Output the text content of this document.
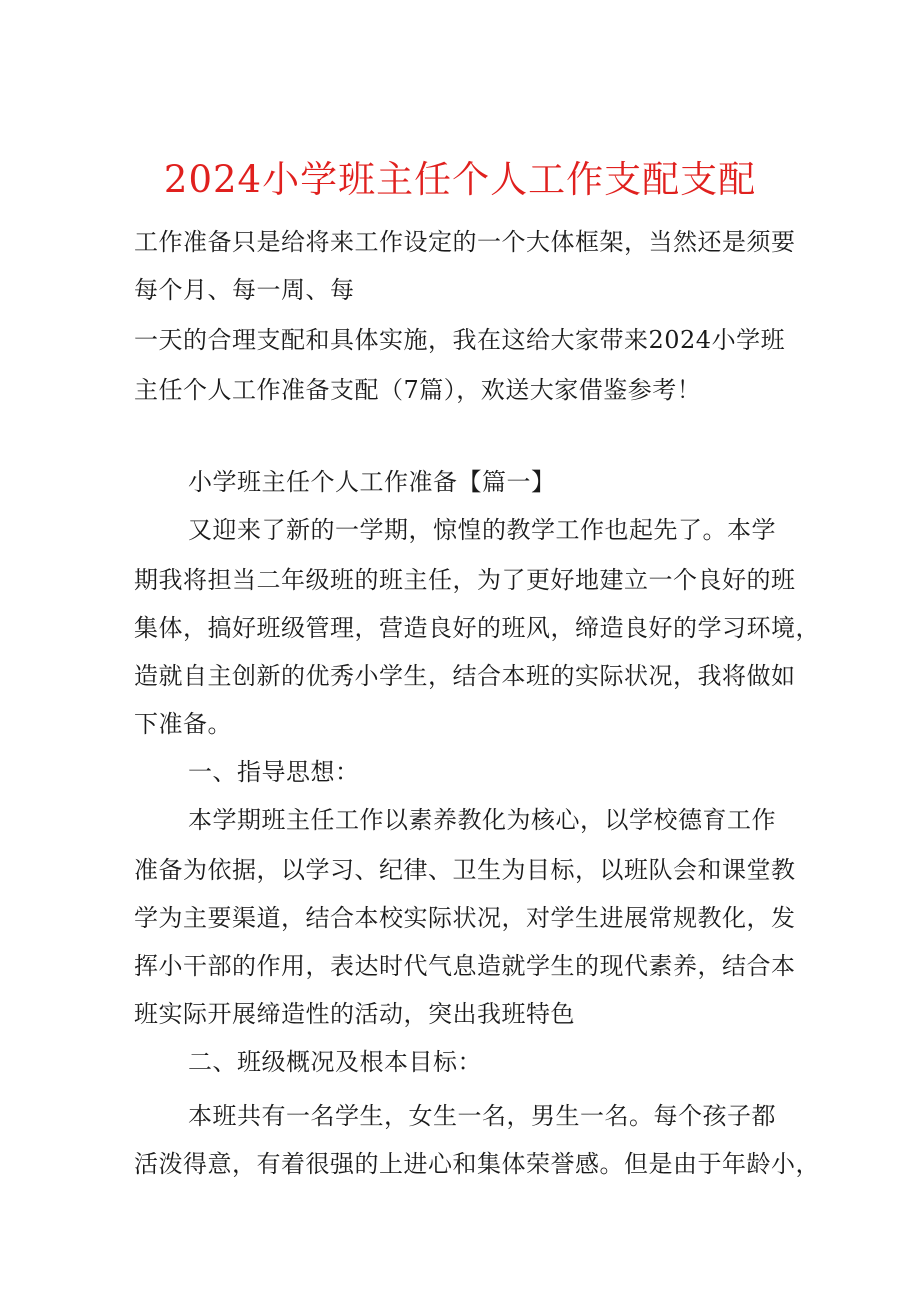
2024小学班主任个人工作支配支配
工作准备只是给将来工作设定的一个大体框架，当然还是须要
每个月、每一周、每
一天的合理支配和具体实施，我在这给大家带来2024小学班
主任个人工作准备支配（7篇），欢送大家借鉴参考！
小学班主任个人工作准备【篇一】
又迎来了新的一学期，惊惶的教学工作也起先了。本学
期我将担当二年级班的班主任，为了更好地建立一个良好的班
集体，搞好班级管理，营造良好的班风，缔造良好的学习环境，
造就自主创新的优秀小学生，结合本班的实际状况，我将做如
下准备。
一、指导思想：
本学期班主任工作以素养教化为核心，以学校德育工作
准备为依据，以学习、纪律、卫生为目标，以班队会和课堂教
学为主要渠道，结合本校实际状况，对学生进展常规教化，发
挥小干部的作用，表达时代气息造就学生的现代素养，结合本
班实际开展缔造性的活动，突出我班特色
二、班级概况及根本目标：
本班共有一名学生，女生一名，男生一名。每个孩子都
活泼得意，有着很强的上进心和集体荣誉感。但是由于年龄小，
